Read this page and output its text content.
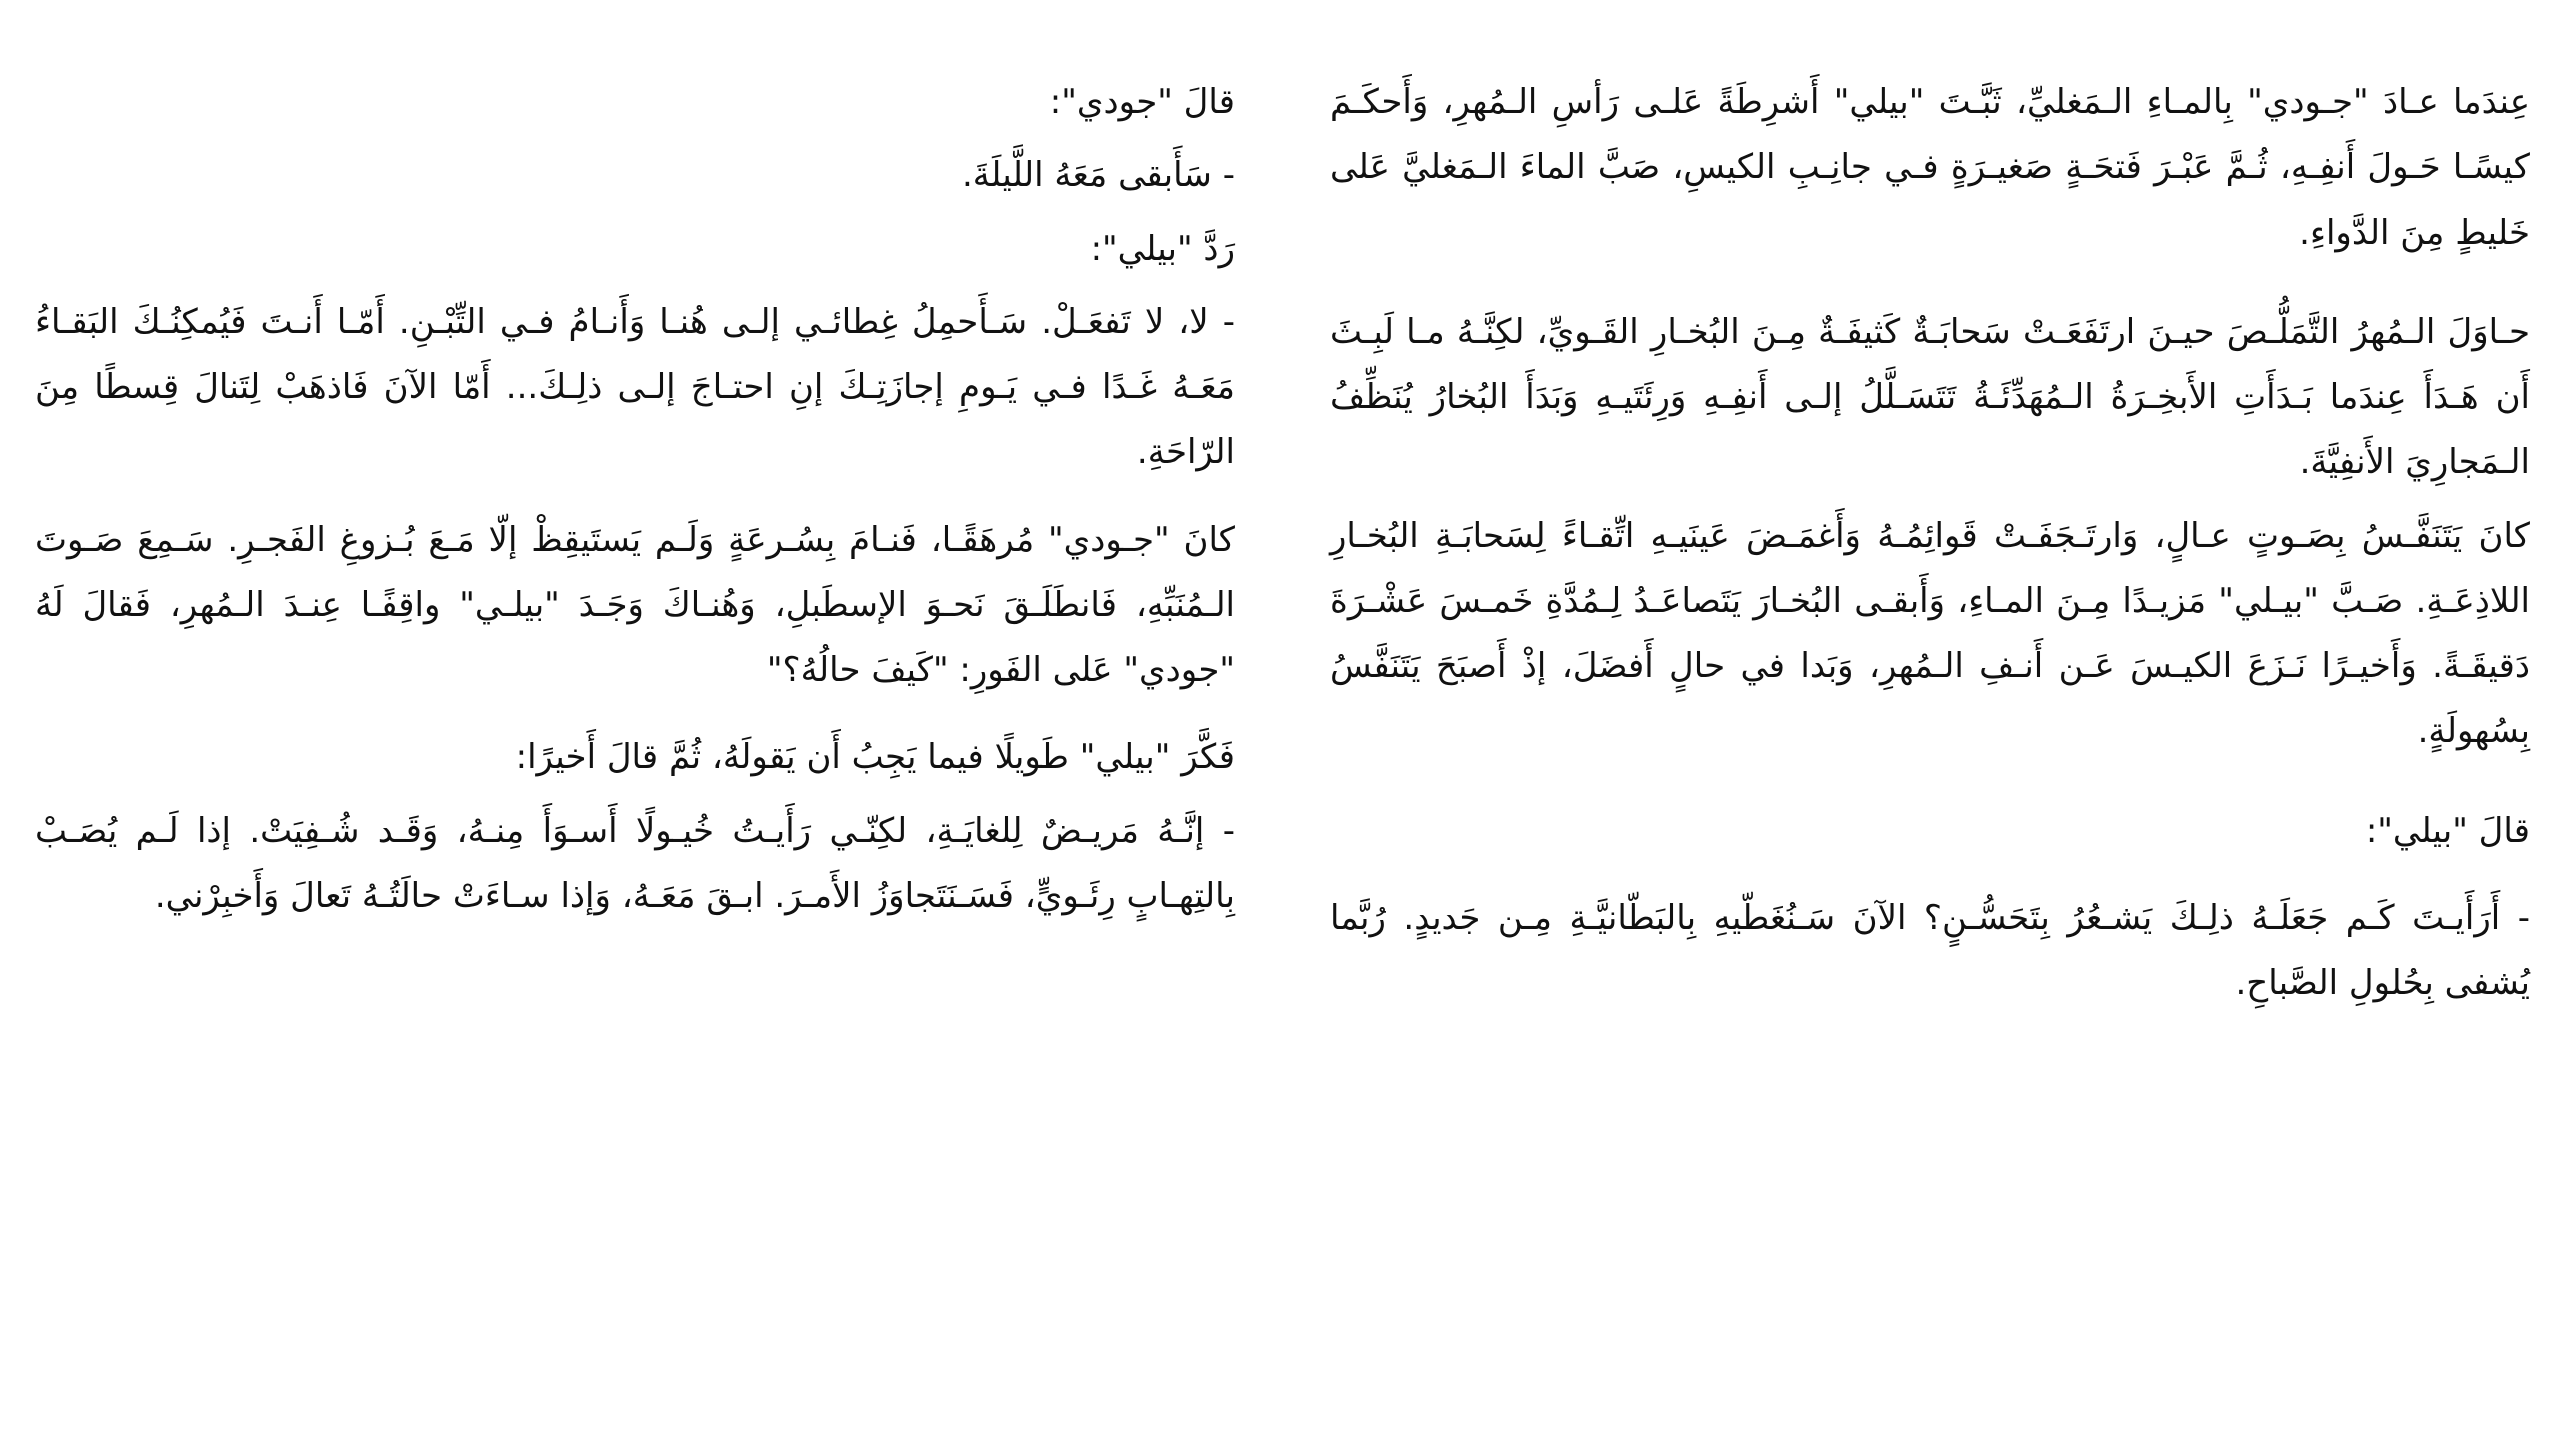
عِندَما عـادَ "جـودي" بِالمـاءِ الـمَغليِّ، ثَبَّـتَ "بيلي" أَشرِطَةً عَلـى رَأسِ الـمُهرِ، وَأَحكَـمَ كيسًـا حَـولَ أَنفِـهِ، ثُـمَّ عَبْـرَ فَتحَـةٍ صَغيـرَةٍ فـي جانِـبِ الكيسِ، صَبَّ الماءَ الـمَغليَّ عَلى خَليطٍ مِنَ الدَّواءِ.

حـاوَلَ الـمُهرُ التَّمَلُّـصَ حيـنَ ارتَفَعَـتْ سَحابَـةٌ كَثيفَـةٌ مِـنَ البُخـارِ القَـويِّ، لكِنَّـهُ مـا لَبِـثَ أَن هَـدَأَ عِندَما بَـدَأَتِ الأَبخِـرَةُ الـمُهَدِّئَـةُ تَتَسَـلَّلُ إلـى أَنفِـهِ وَرِئَتَيـهِ وَبَدَأَ البُخارُ يُنَظِّفُ الـمَجارِيَ الأَنفِيَّةَ.

كانَ يَتَنَفَّـسُ بِصَـوتٍ عـالٍ، وَارتَـجَفَـتْ قَوائِمُـهُ وَأَغمَـضَ عَينَيـهِ اتِّقـاءً لِسَحابَـةِ البُخـارِ اللاذِعَـةِ. صَـبَّ "بيـلي" مَزيـدًا مِـنَ المـاءِ، وَأَبقـى البُخـارَ يَتَصاعَـدُ لِـمُدَّةِ خَمـسَ عَشْـرَةَ دَقيقَـةً. وَأَخيـرًا نَـزَعَ الكيـسَ عَـن أَنـفِ الـمُهرِ، وَبَدا في حالٍ أَفضَلَ، إذْ أَصبَحَ يَتَنَفَّسُ بِسُهولَةٍ.

قالَ "بيلي":

- أَرَأَيـتَ كَـم جَعَلَـهُ ذلِـكَ يَشـعُرُ بِتَحَسُّـنٍ؟ الآنَ سَـنُغَطّيهِ بِالبَطّانيَّـةِ مِـن جَديدٍ. رُبَّما يُشفى بِحُلولِ الصَّباحِ.

قالَ "جودي":

- سَأَبقى مَعَهُ اللَّيلَةَ.

رَدَّ "بيلي":

- لا، لا تَفعَـلْ. سَـأَحمِلُ غِطائـي إلـى هُنـا وَأَنـامُ فـي التِّبْـنِ. أَمّـا أَنـتَ فَيُمكِنُـكَ البَقـاءُ مَعَـهُ غَـدًا فـي يَـومِ إجازَتِـكَ إنِ احتـاجَ إلـى ذلِـكَ... أَمّا الآنَ فَاذهَبْ لِتَنالَ قِسطًا مِنَ الرّاحَةِ.

كانَ "جـودي" مُرهَقًـا، فَنـامَ بِسُـرعَةٍ وَلَـم يَستَيقِظْ إلّا مَـعَ بُـزوغِ الفَجـرِ. سَـمِعَ صَـوتَ الـمُنَبِّهِ، فَانطَلَـقَ نَحـوَ الإسطَبلِ، وَهُنـاكَ وَجَـدَ "بيلـي" واقِفًـا عِنـدَ الـمُهرِ، فَقالَ لَهُ "جودي" عَلى الفَورِ: "كَيفَ حالُهُ؟"

فَكَّرَ "بيلي" طَويلًا فيما يَجِبُ أَن يَقولَهُ، ثُمَّ قالَ أَخيرًا:

- إنَّـهُ مَريـضٌ لِلغايَـةِ، لكِنّـي رَأَيـتُ خُيـولًا أَسـوَأَ مِنـهُ، وَقَـد شُـفِيَتْ. إذا لَـم يُصَـبْ بِالتِهـابٍ رِئَـويٍّ، فَسَـنَتَجاوَزُ الأَمـرَ. ابـقَ مَعَـهُ، وَإذا سـاءَتْ حالَتُـهُ تَعالَ وَأَخبِرْني.
